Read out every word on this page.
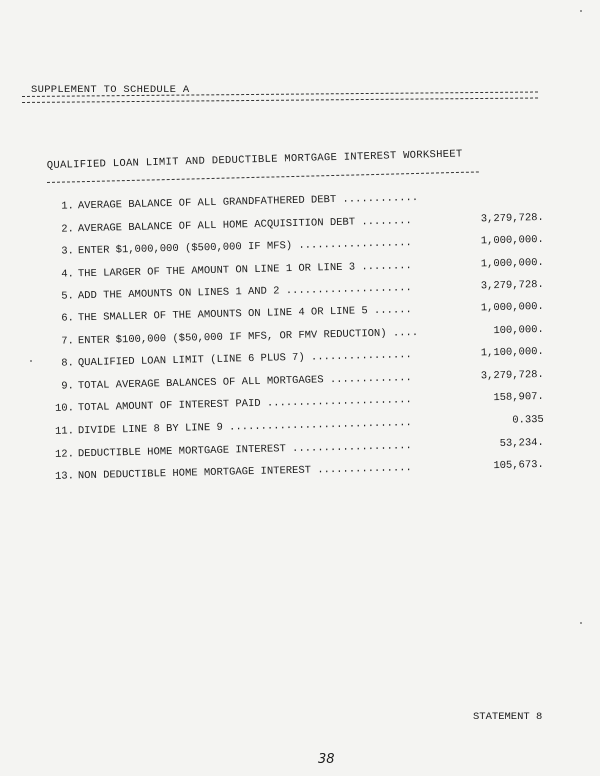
SUPPLEMENT TO SCHEDULE A
QUALIFIED LOAN LIMIT AND DEDUCTIBLE MORTGAGE INTEREST WORKSHEET
1. AVERAGE BALANCE OF ALL GRANDFATHERED DEBT ............
2. AVERAGE BALANCE OF ALL HOME ACQUISITION DEBT ........	3,279,728.
3. ENTER $1,000,000 ($500,000 IF MFS) ..................	1,000,000.
4. THE LARGER OF THE AMOUNT ON LINE 1 OR LINE 3 ........	1,000,000.
5. ADD THE AMOUNTS ON LINES 1 AND 2 ....................	3,279,728.
6. THE SMALLER OF THE AMOUNTS ON LINE 4 OR LINE 5 ......	1,000,000.
7. ENTER $100,000 ($50,000 IF MFS, OR FMV REDUCTION) ....	100,000.
8. QUALIFIED LOAN LIMIT (LINE 6 PLUS 7) ................	1,100,000.
9. TOTAL AVERAGE BALANCES OF ALL MORTGAGES .............	3,279,728.
10. TOTAL AMOUNT OF INTEREST PAID .......................	158,907.
11. DIVIDE LINE 8 BY LINE 9 .............................	0.335
12. DEDUCTIBLE HOME MORTGAGE INTEREST ...................	53,234.
13. NON DEDUCTIBLE HOME MORTGAGE INTEREST ...............	105,673.
STATEMENT 8
38
